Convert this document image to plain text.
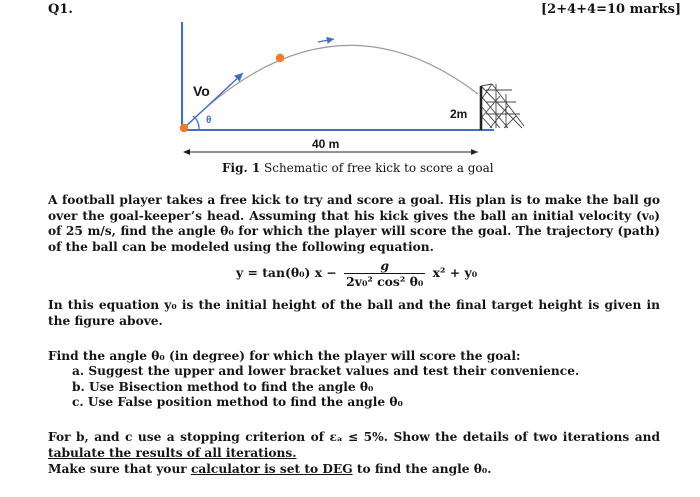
Q1.	[2+4+4=10 marks]
Vo
θ	2m
40 m
Fig. 1 Schematic of free kick to score a goal
A football player takes a free kick to try and score a goal. His plan is to make the ball go over the goal-keeper’s head. Assuming that his kick gives the ball an initial velocity (v₀) of 25 m/s, find the angle θ₀ for which the player will score the goal. The trajectory (path) of the ball can be modeled using the following equation.
y = tan(θ₀) $x - \frac{g}{\text{2v₀² cos² θ₀}} x^2 + y_0$
In this equation y₀ is the initial height of the ball and the final target height is given in the figure above.
Find the angle θ₀ (in degree) for which the player will score the goal:
a. Suggest the upper and lower bracket values and test their convenience.
b. Use Bisection method to find the angle θ₀
c. Use False position method to find the angle θ₀
For b, and c use a stopping criterion of εₐ ≤ 5%. Show the details of two iterations and tabulate the results of all iterations.
Make sure that your calculator is set to DEG to find the angle θ₀.
